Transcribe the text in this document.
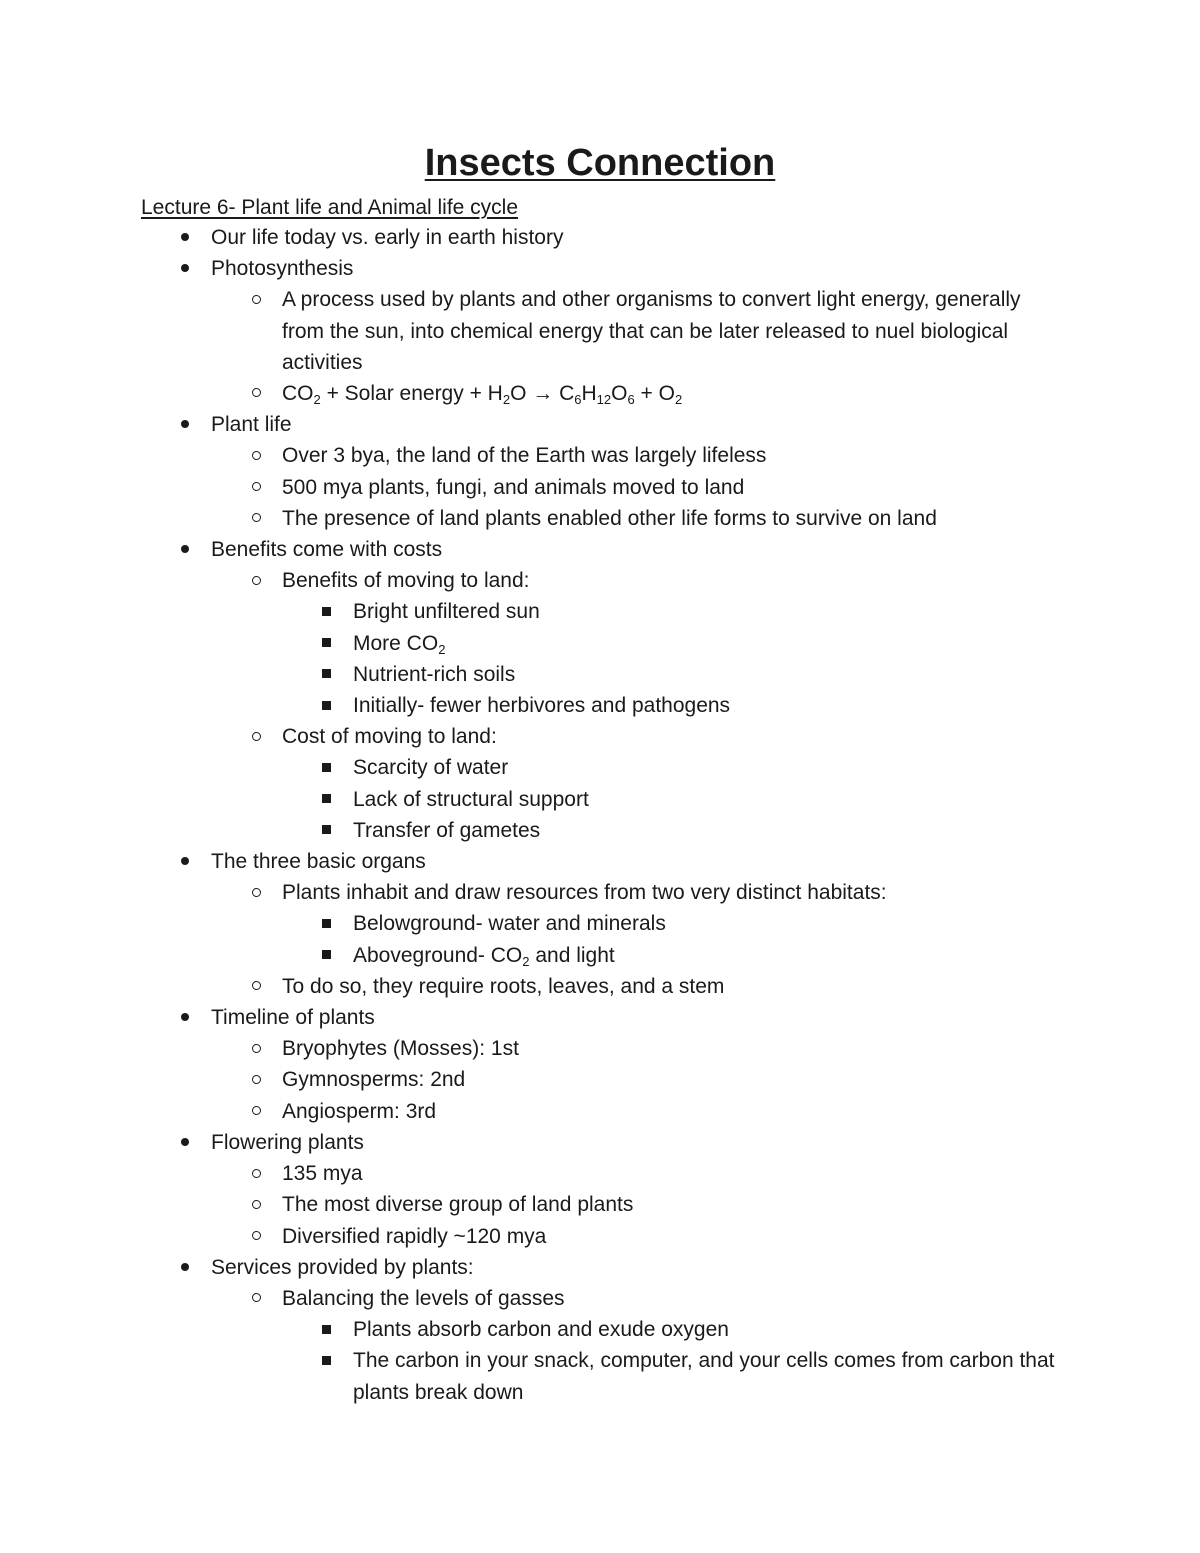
Insects Connection
Lecture 6- Plant life and Animal life cycle
Our life today vs. early in earth history
Photosynthesis
A process used by plants and other organisms to convert light energy, generally from the sun, into chemical energy that can be later released to nuel biological activities
$CO_2$ + Solar energy + $H_2O \to C_6H_{12}O_6 + O_2$
Plant life
Over 3 bya, the land of the Earth was largely lifeless
500 mya plants, fungi, and animals moved to land
The presence of land plants enabled other life forms to survive on land
Benefits come with costs
Benefits of moving to land:
Bright unfiltered sun
More $CO_2$
Nutrient-rich soils
Initially- fewer herbivores and pathogens
Cost of moving to land:
Scarcity of water
Lack of structural support
Transfer of gametes
The three basic organs
Plants inhabit and draw resources from two very distinct habitats:
Belowground- water and minerals
Aboveground- $CO_2$ and light
To do so, they require roots, leaves, and a stem
Timeline of plants
Bryophytes (Mosses): 1st
Gymnosperms: 2nd
Angiosperm: 3rd
Flowering plants
135 mya
The most diverse group of land plants
Diversified rapidly ~120 mya
Services provided by plants:
Balancing the levels of gasses
Plants absorb carbon and exude oxygen
The carbon in your snack, computer, and your cells comes from carbon that plants break down
